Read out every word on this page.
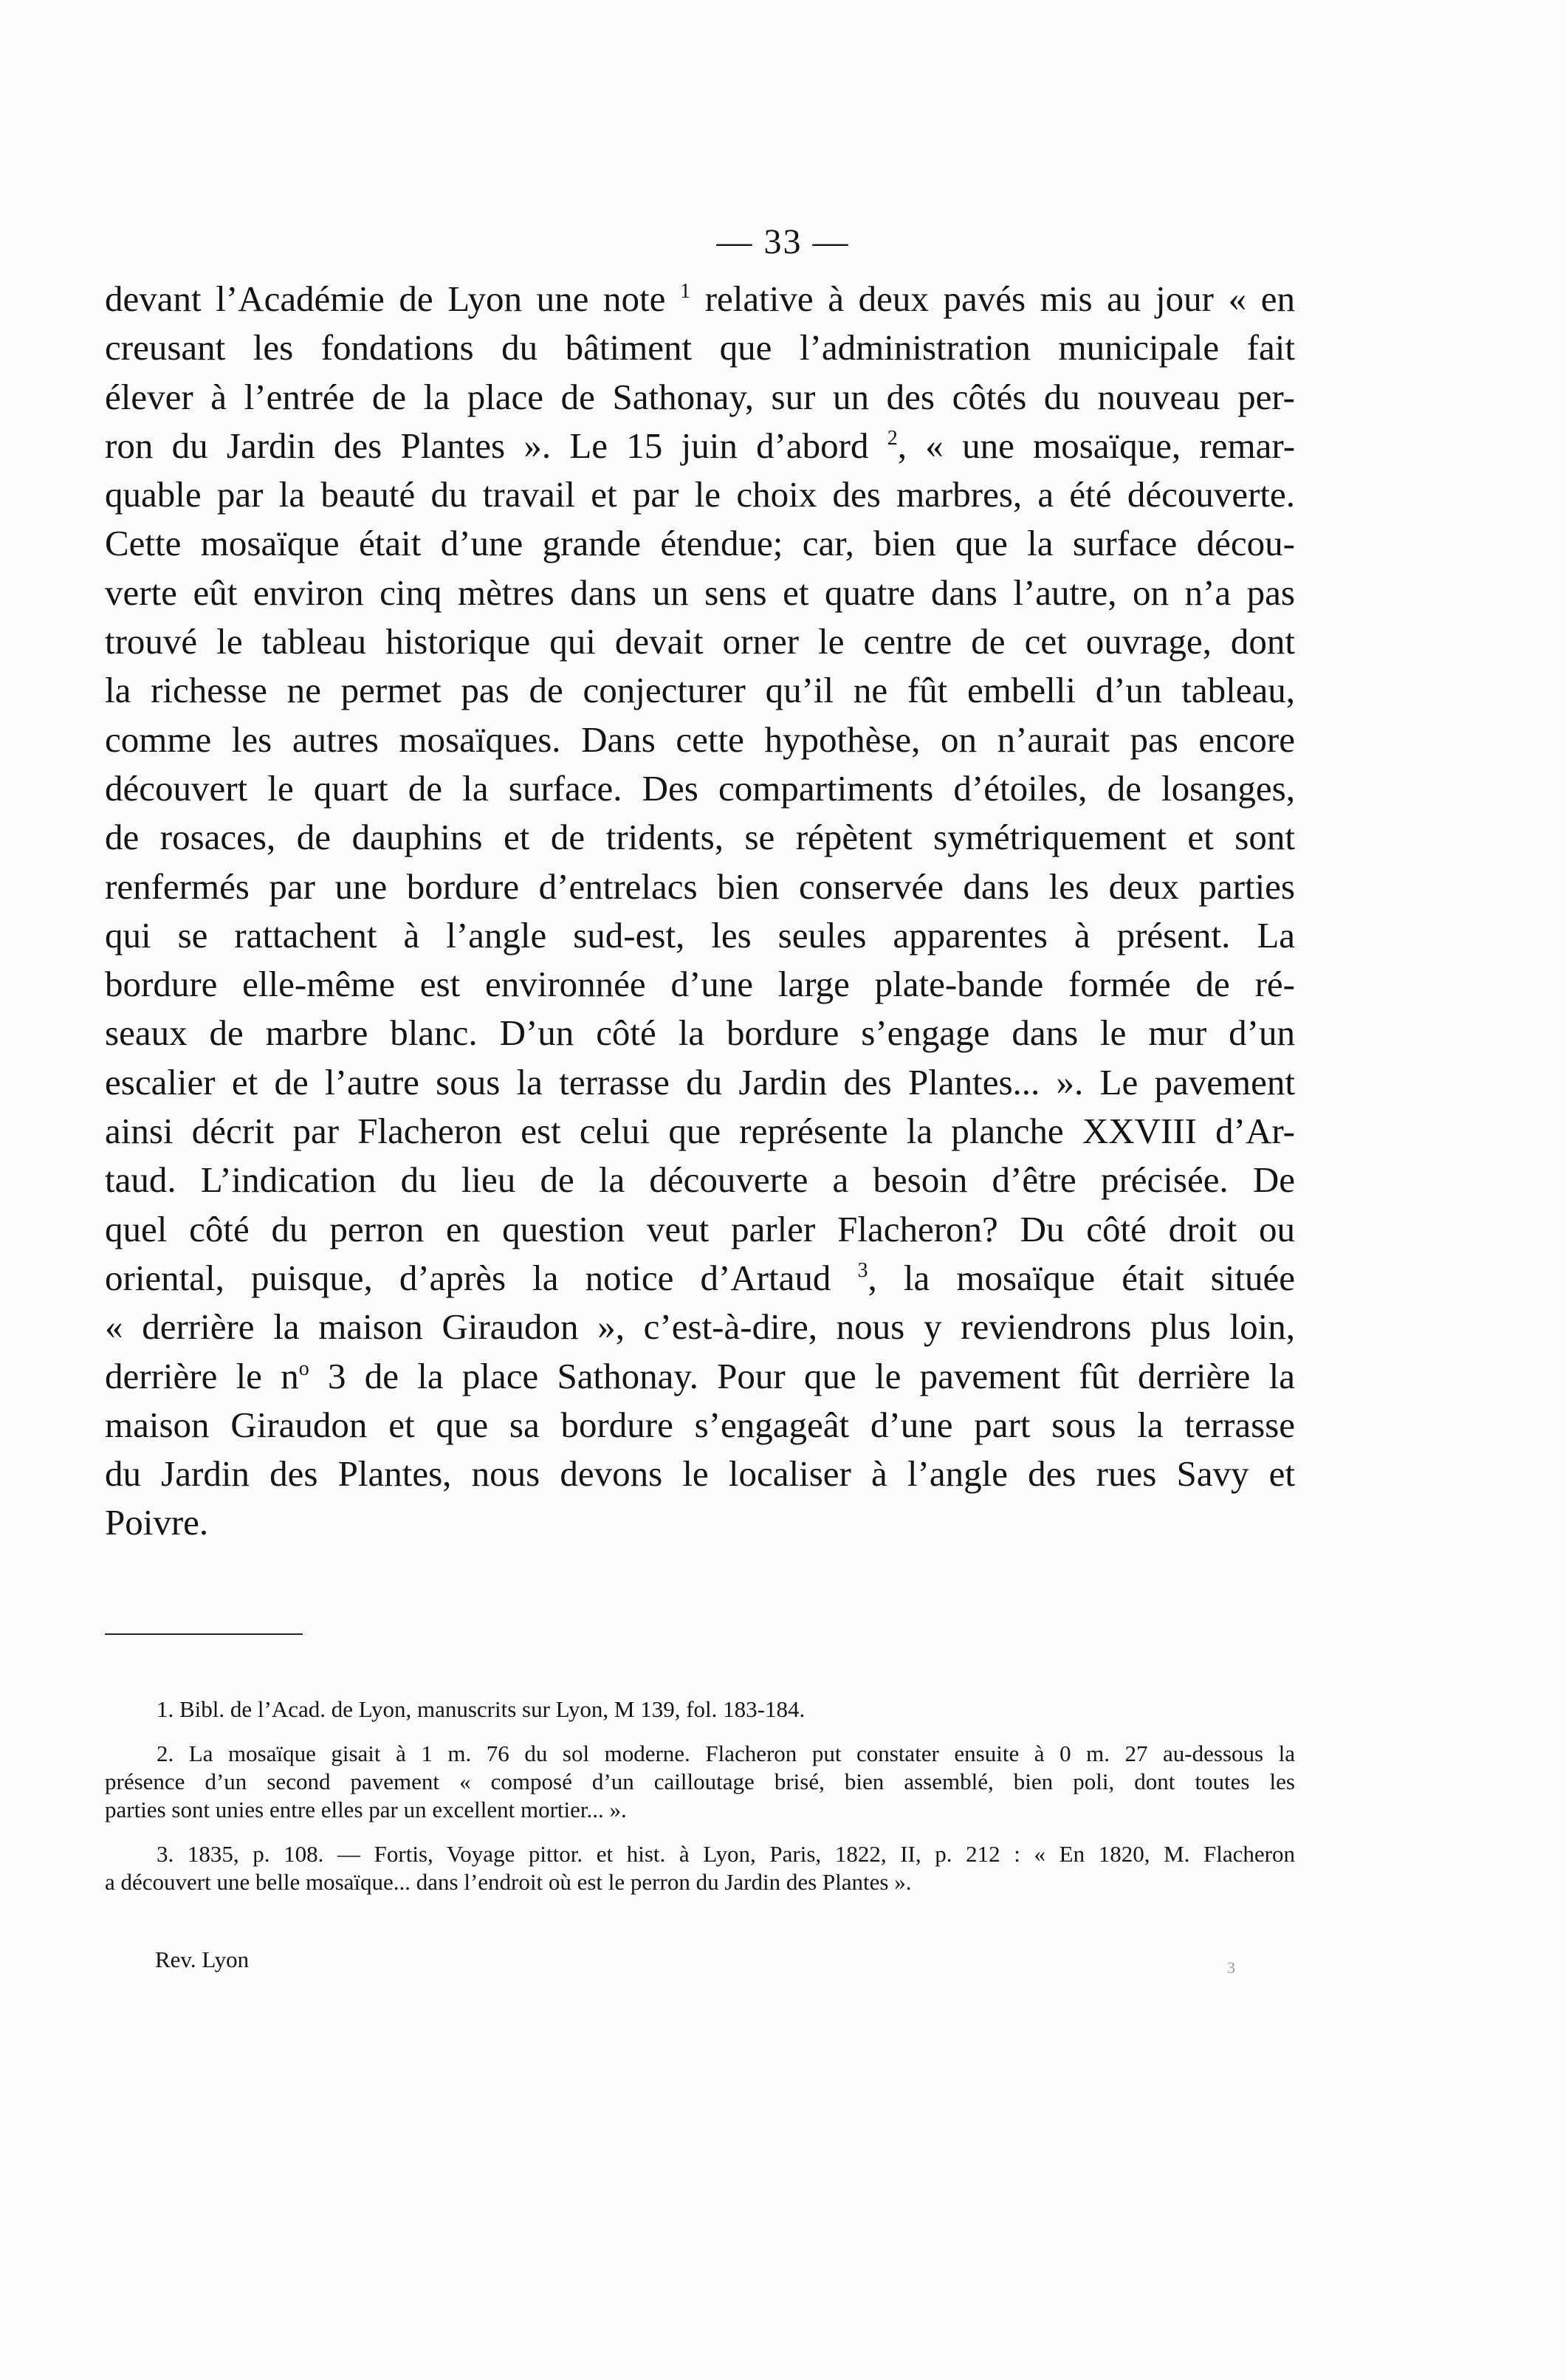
— 33 —
devant l’Académie de Lyon une note $^1$ relative à deux pavés mis au jour « en
creusant les fondations du bâtiment que l’administration municipale fait
élever à l’entrée de la place de Sathonay, sur un des côtés du nouveau per-
ron du Jardin des Plantes ». Le 15 juin d’abord $^2$, « une mosaïque, remar-
quable par la beauté du travail et par le choix des marbres, a été découverte.
Cette mosaïque était d’une grande étendue; car, bien que la surface décou-
verte eût environ cinq mètres dans un sens et quatre dans l’autre, on n’a pas
trouvé le tableau historique qui devait orner le centre de cet ouvrage, dont
la richesse ne permet pas de conjecturer qu’il ne fût embelli d’un tableau,
comme les autres mosaïques. Dans cette hypothèse, on n’aurait pas encore
découvert le quart de la surface. Des compartiments d’étoiles, de losanges,
de rosaces, de dauphins et de tridents, se répètent symétriquement et sont
renfermés par une bordure d’entrelacs bien conservée dans les deux parties
qui se rattachent à l’angle sud-est, les seules apparentes à présent. La
bordure elle-même est environnée d’une large plate-bande formée de ré-
seaux de marbre blanc. D’un côté la bordure s’engage dans le mur d’un
escalier et de l’autre sous la terrasse du Jardin des Plantes... ». Le pavement
ainsi décrit par Flacheron est celui que représente la planche XXVIII d’Ar-
taud. L’indication du lieu de la découverte a besoin d’être précisée. De
quel côté du perron en question veut parler Flacheron? Du côté droit ou
oriental, puisque, d’après la notice d’Artaud $^3$, la mosaïque était située
« derrière la maison Giraudon », c’est-à-dire, nous y reviendrons plus loin,
derrière le n$^o$ 3 de la place Sathonay. Pour que le pavement fût derrière la
maison Giraudon et que sa bordure s’engageât d’une part sous la terrasse
du Jardin des Plantes, nous devons le localiser à l’angle des rues Savy et
Poivre.
1. Bibl. de l’Acad. de Lyon, manuscrits sur Lyon, M 139, fol. 183-184.
2. La mosaïque gisait à 1 m. 76 du sol moderne. Flacheron put constater ensuite à 0 m. 27 au-dessous la
présence d’un second pavement « composé d’un cailloutage brisé, bien assemblé, bien poli, dont toutes les
parties sont unies entre elles par un excellent mortier... ».
3. 1835, p. 108. — Fortis, Voyage pittor. et hist. à Lyon, Paris, 1822, II, p. 212 : « En 1820, M. Flacheron
a découvert une belle mosaïque... dans l’endroit où est le perron du Jardin des Plantes ».
Rev. Lyon	3
